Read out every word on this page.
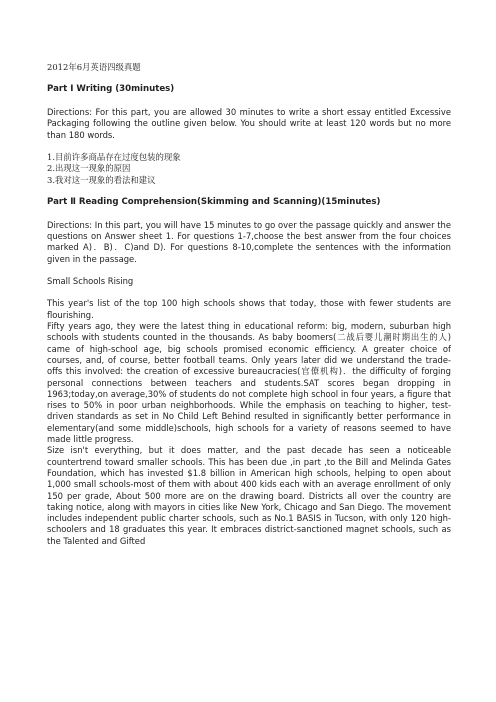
2012年6月英语四级真题

Part Ⅰ Writing (30minutes)

Directions: For this part, you are allowed 30 minutes to write a short essay entitled Excessive Packaging following the outline given below. You should write at least 120 words but no more than 180 words.

1.目前许多商品存在过度包装的现象

2.出现这一现象的原因

3.我对这一现象的看法和建议

Part Ⅱ Reading Comprehension(Skimming and Scanning)(15minutes)

Directions: In this part, you will have 15 minutes to go over the passage quickly and answer the questions on Answer sheet 1. For questions 1-7,choose the best answer from the four choices marked A)．B)．C)and D). For questions 8-10,complete the sentences with the information given in the passage.

Small Schools Rising

This year's list of the top 100 high schools shows that today, those with fewer students are flourishing.

Fifty years ago, they were the latest thing in educational reform: big, modern, suburban high schools with students counted in the thousands. As baby boomers(二战后婴儿潮时期出生的人) came of high-school age, big schools promised economic efficiency. A greater choice of courses, and, of course, better football teams. Only years later did we understand the trade-offs this involved: the creation of excessive bureaucracies(官僚机构)．the difficulty of forging personal connections between teachers and students.SAT scores began dropping in 1963;today,on average,30% of students do not complete high school in four years, a figure that rises to 50% in poor urban neighborhoods. While the emphasis on teaching to higher, test-driven standards as set in No Child Left Behind resulted in significantly better performance in elementary(and some middle)schools, high schools for a variety of reasons seemed to have made little progress.

Size isn't everything, but it does matter, and the past decade has seen a noticeable countertrend toward smaller schools. This has been due ,in part ,to the Bill and Melinda Gates Foundation, which has invested $1.8 billion in American high schools, helping to open about 1,000 small schools-most of them with about 400 kids each with an average enrollment of only 150 per grade, About 500 more are on the drawing board. Districts all over the country are taking notice, along with mayors in cities like New York, Chicago and San Diego. The movement includes independent public charter schools, such as No.1 BASIS in Tucson, with only 120 high-schoolers and 18 graduates this year. It embraces district-sanctioned magnet schools, such as the Talented and Gifted
